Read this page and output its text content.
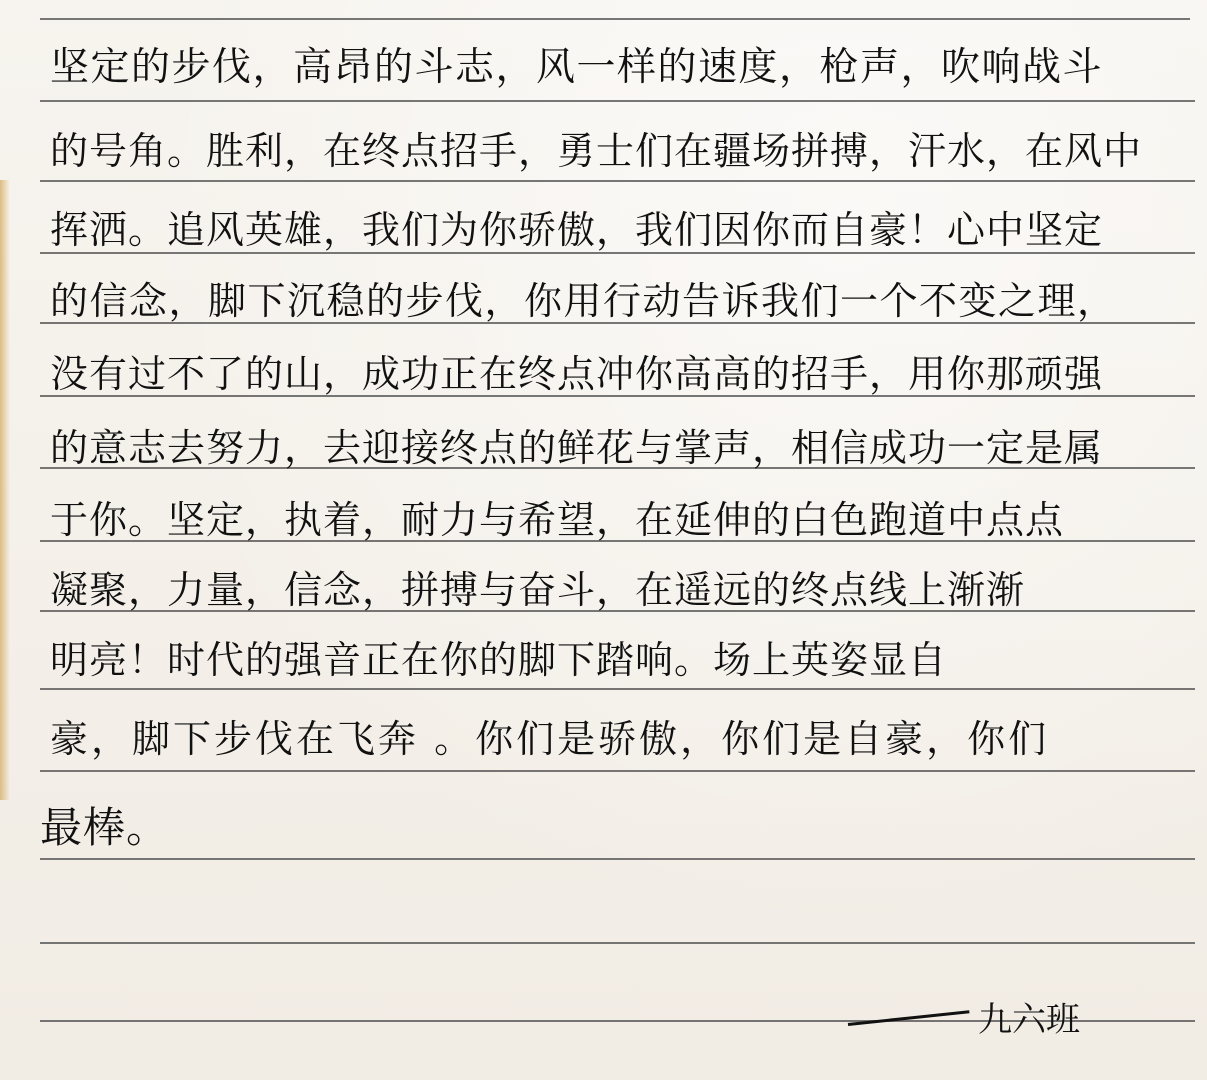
坚定的步伐，高昂的斗志，风一样的速度，枪声，吹响战斗
的号角。胜利，在终点招手，勇士们在疆场拼搏，汗水，在风中
挥洒。追风英雄，我们为你骄傲，我们因你而自豪！心中坚定
的信念，脚下沉稳的步伐，你用行动告诉我们一个不变之理，
没有过不了的山，成功正在终点冲你高高的招手，用你那顽强
的意志去努力，去迎接终点的鲜花与掌声，相信成功一定是属
于你。坚定，执着，耐力与希望，在延伸的白色跑道中点点
凝聚，力量，信念，拼搏与奋斗，在遥远的终点线上渐渐
明亮！时代的强音正在你的脚下踏响。场上英姿显自
豪，脚下步伐在飞奔 。你们是骄傲，你们是自豪，你们
最棒。
九六班
